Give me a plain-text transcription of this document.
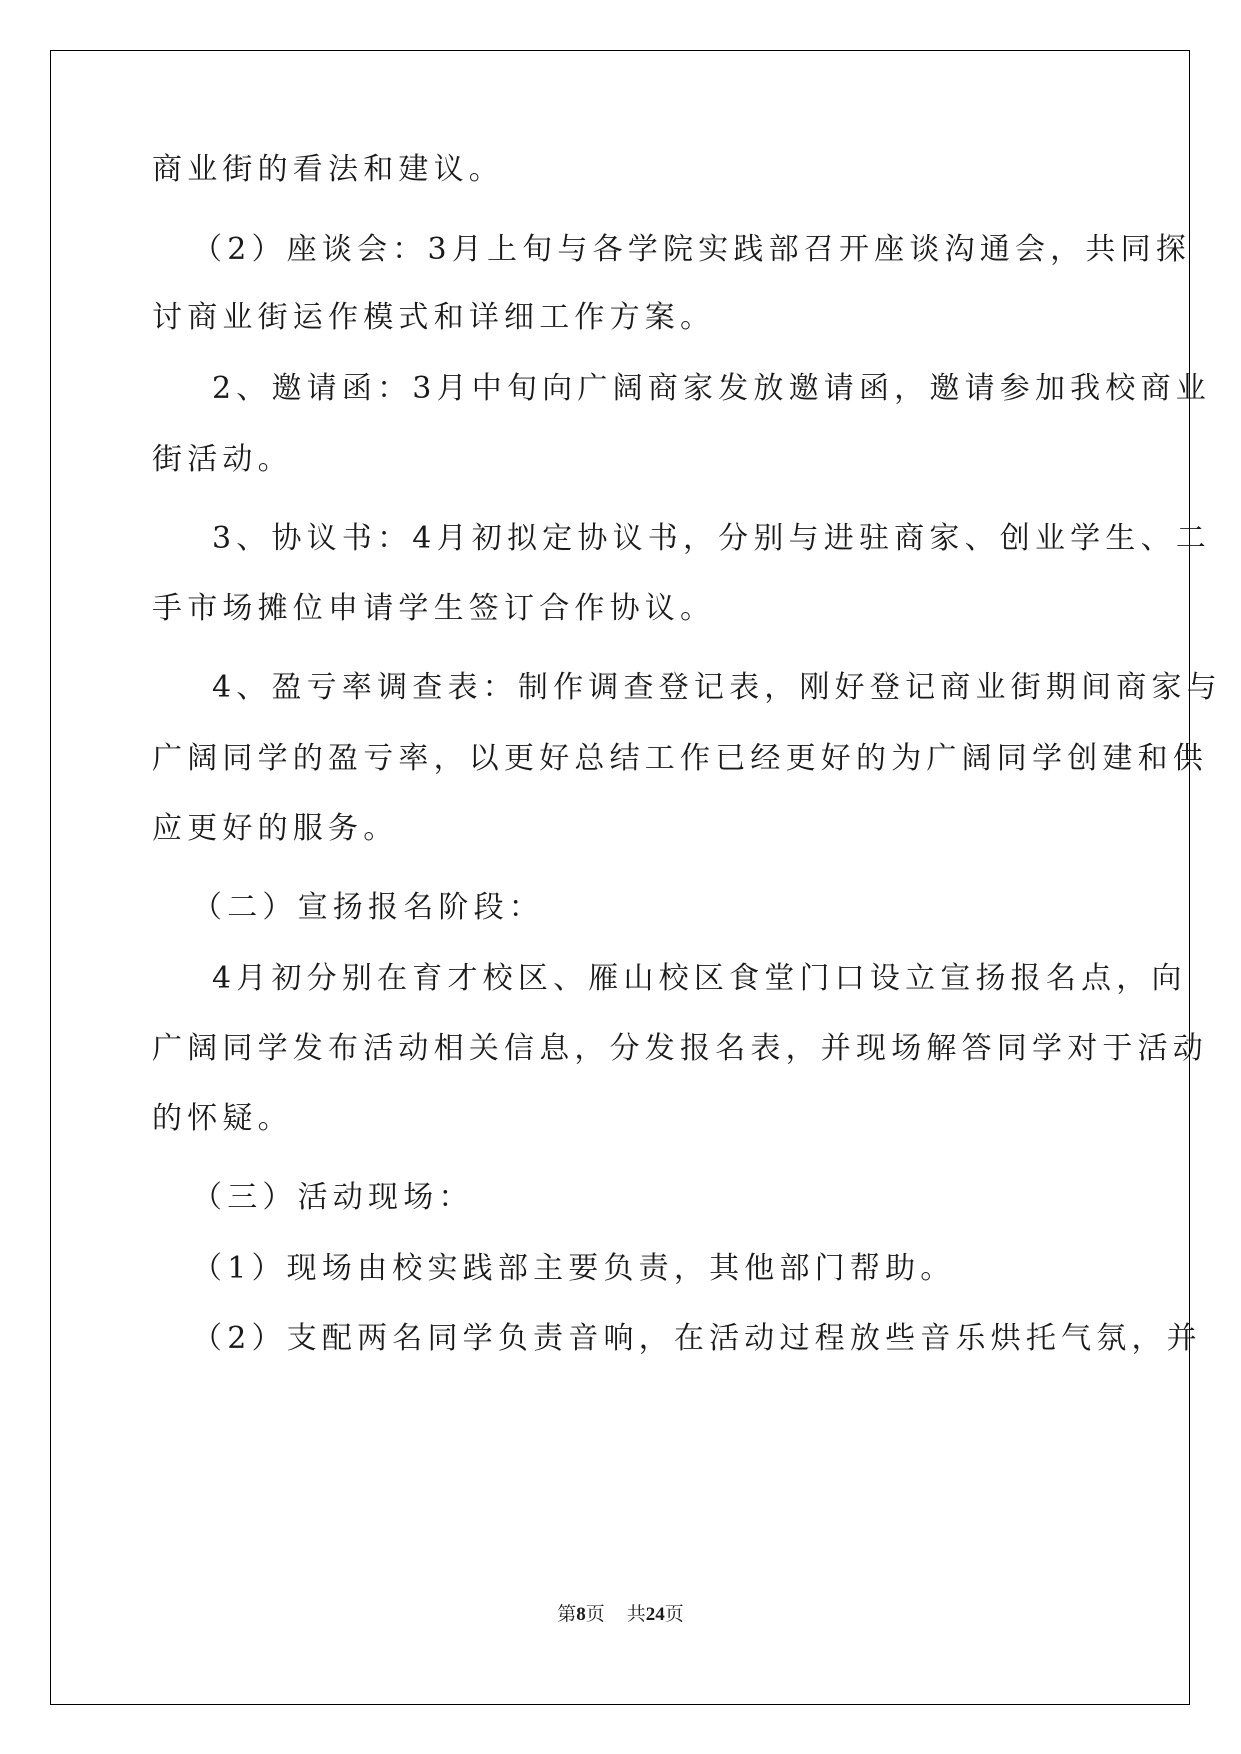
商业街的看法和建议。
（2）座谈会：3月上旬与各学院实践部召开座谈沟通会，共同探
讨商业街运作模式和详细工作方案。
2、邀请函：3月中旬向广阔商家发放邀请函，邀请参加我校商业
街活动。
3、协议书：4月初拟定协议书，分别与进驻商家、创业学生、二
手市场摊位申请学生签订合作协议。
4、盈亏率调查表：制作调查登记表，刚好登记商业街期间商家与
广阔同学的盈亏率，以更好总结工作已经更好的为广阔同学创建和供
应更好的服务。
（二）宣扬报名阶段：
4月初分别在育才校区、雁山校区食堂门口设立宣扬报名点，向
广阔同学发布活动相关信息，分发报名表，并现场解答同学对于活动
的怀疑。
（三）活动现场：
（1）现场由校实践部主要负责，其他部门帮助。
（2）支配两名同学负责音响，在活动过程放些音乐烘托气氛，并
第8页 共24页
